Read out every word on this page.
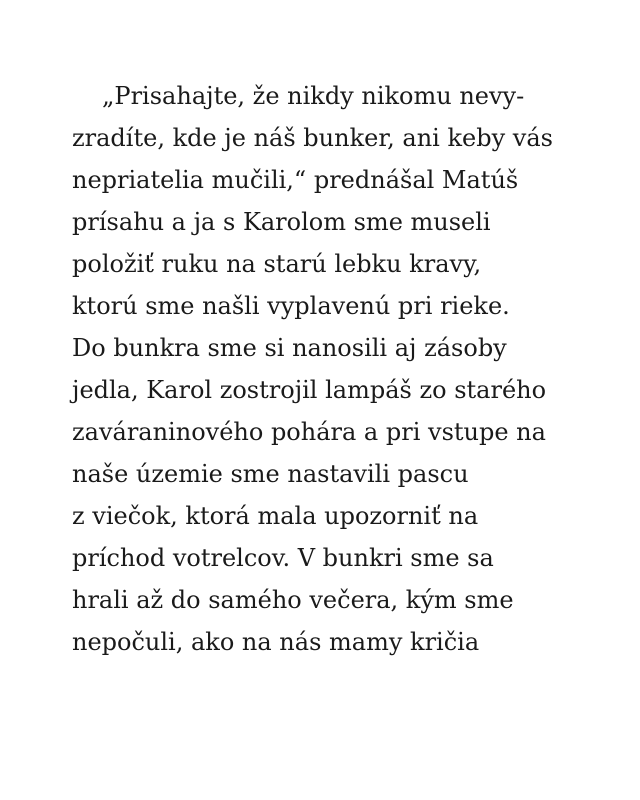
„Prisahajte, že nikdy nikomu nevy-
zradíte, kde je náš bunker, ani keby vás
nepriatelia mučili,“ prednášal Matúš
prísahu a ja s Karolom sme museli
položiť ruku na starú lebku kravy,
ktorú sme našli vyplavenú pri rieke.
Do bunkra sme si nanosili aj zásoby
jedla, Karol zostrojil lampáš zo starého
zaváraninového pohára a pri vstupe na
naše územie sme nastavili pascu
z viečok, ktorá mala upozorniť na
príchod votrelcov. V bunkri sme sa
hrali až do samého večera, kým sme
nepočuli, ako na nás mamy kričia
